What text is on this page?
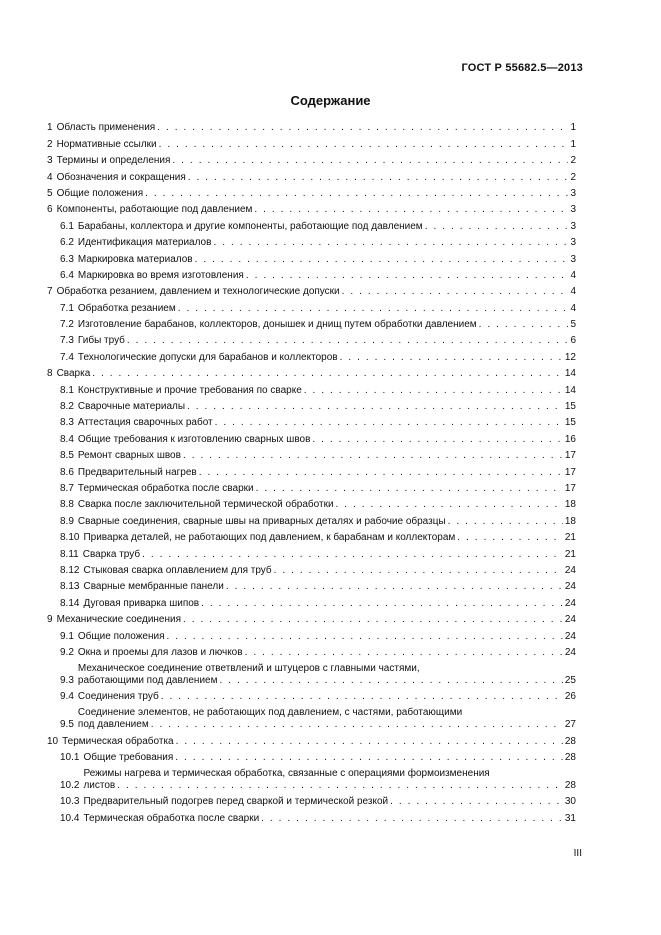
ГОСТ Р 55682.5—2013
Содержание
1 Область применения . . .	1
2 Нормативные ссылки . . .	1
3 Термины и определения . . .	2
4 Обозначения и сокращения . . .	2
5 Общие положения . . .	3
6 Компоненты, работающие под давлением . . .	3
6.1 Барабаны, коллектора и другие компоненты, работающие под давлением . . .	3
6.2 Идентификация материалов . . .	3
6.3 Маркировка материалов . . .	3
6.4 Маркировка во время изготовления . . .	4
7 Обработка резанием, давлением и технологические допуски . . .	4
7.1 Обработка резанием . . .	4
7.2 Изготовление барабанов, коллекторов, донышек и днищ путем обработки давлением . . .	5
7.3 Гибы труб . . .	6
7.4 Технологические допуски для барабанов и коллекторов . . .	12
8 Сварка . . .	14
8.1 Конструктивные и прочие требования по сварке . . .	14
8.2 Сварочные материалы . . .	15
8.3 Аттестация сварочных работ . . .	15
8.4 Общие требования к изготовлению сварных швов . . .	16
8.5 Ремонт сварных швов . . .	17
8.6 Предварительный нагрев . . .	17
8.7 Термическая обработка после сварки . . .	17
8.8 Сварка после заключительной термической обработки . . .	18
8.9 Сварные соединения, сварные швы на приварных деталях и рабочие образцы . . .	18
8.10 Приварка деталей, не работающих под давлением, к барабанам и коллекторам . . .	21
8.11 Сварка труб . . .	21
8.12 Стыковая сварка оплавлением для труб . . .	24
8.13 Сварные мембранные панели . . .	24
8.14 Дуговая приварка шипов . . .	24
9 Механические соединения . . .	24
9.1 Общие положения . . .	24
9.2 Окна и проемы для лазов и лючков . . .	24
9.3
Механическое соединение ответвлений и штуцеров с главными частями,
работающими под давлением . . .	25
9.4 Соединения труб . . .	26
9.5
Соединение элементов, не работающих под давлением, с частями, работающими
под давлением . . .	27
10 Термическая обработка . . .	28
10.1 Общие требования . . .	28
10.2
Режимы нагрева и термическая обработка, связанные с операциями формоизменения
листов . . .	28
10.3 Предварительный подогрев перед сваркой и термической резкой . . .	30
10.4 Термическая обработка после сварки . . .	31
III
